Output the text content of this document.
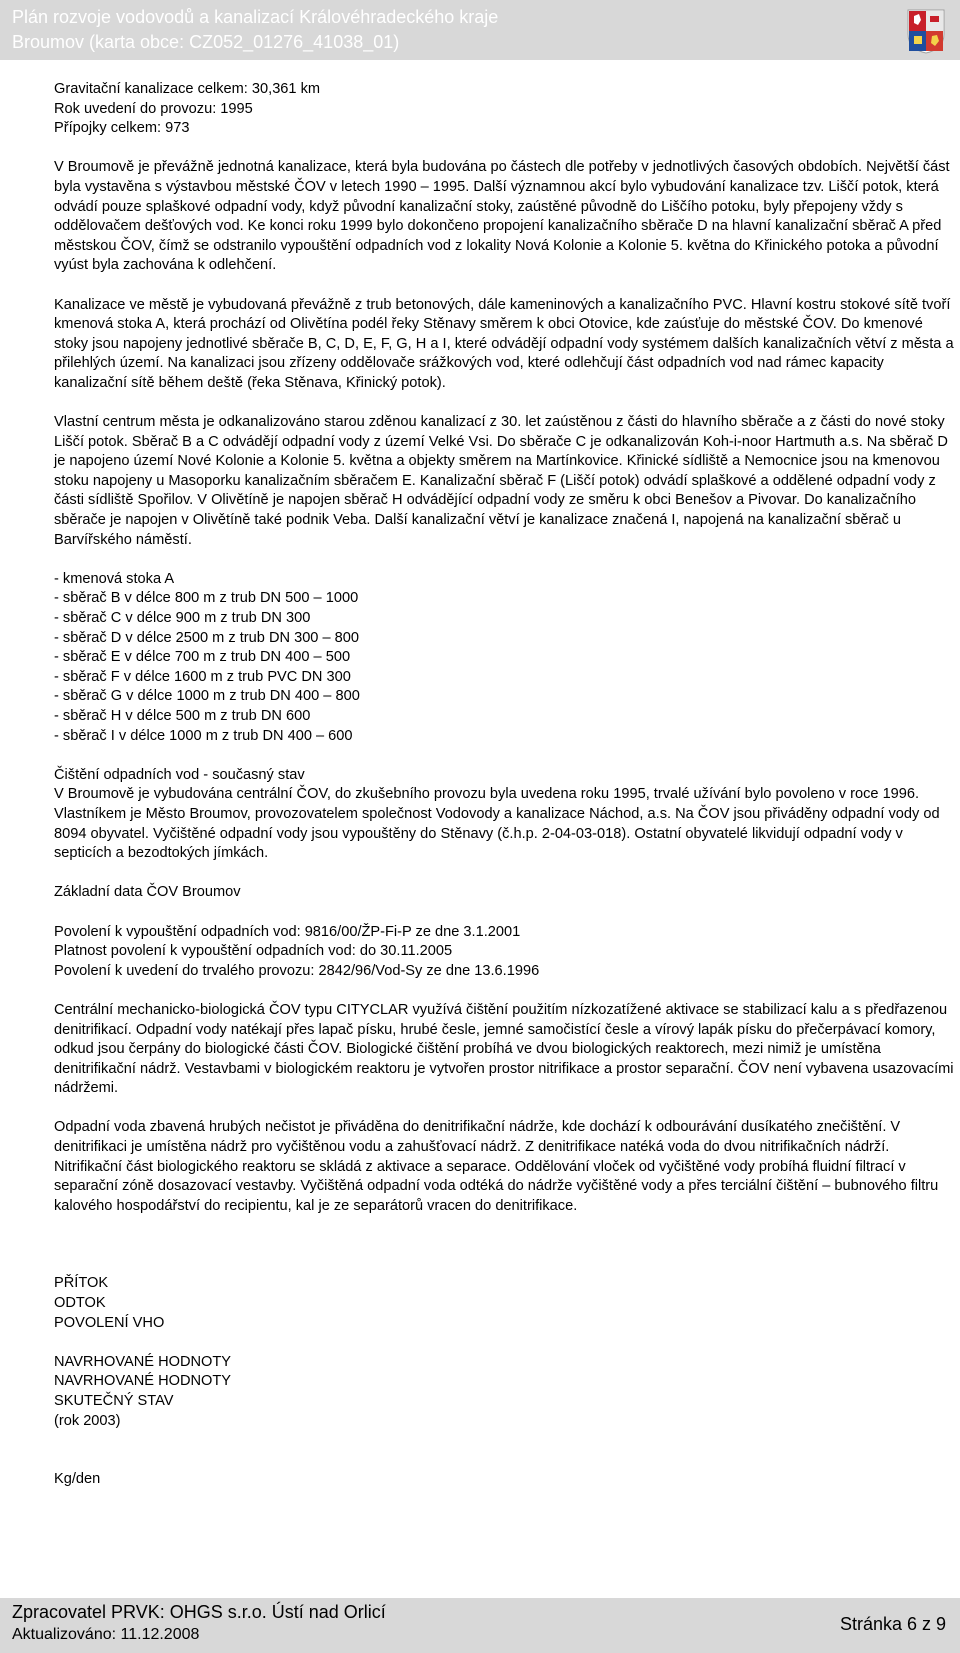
Plán rozvoje vodovodů a kanalizací Královéhradeckého kraje
Broumov (karta obce: CZ052_01276_41038_01)

Gravitační kanalizace celkem: 30,361 km

Rok uvedení do provozu: 1995

Přípojky celkem: 973

V Broumově je převážně jednotná kanalizace, která byla budována po částech dle potřeby v jednotlivých časových obdobích. Největší část byla vystavěna s výstavbou městské ČOV v letech 1990 – 1995. Další významnou akcí bylo vybudování kanalizace tzv. Liščí potok, která odvádí pouze splaškové odpadní vody, když původní kanalizační stoky, zaústěné původně do Liščího potoku, byly přepojeny vždy s oddělovačem dešťových vod. Ke konci roku 1999 bylo dokončeno propojení kanalizačního sběrače D na hlavní kanalizační sběrač A před městskou ČOV, čímž se odstranilo vypouštění odpadních vod z lokality Nová Kolonie a Kolonie 5. května do Křinického potoka a původní vyúst byla zachována k odlehčení.

Kanalizace ve městě je vybudovaná převážně z trub betonových, dále kameninových a kanalizačního PVC. Hlavní kostru stokové sítě tvoří kmenová stoka A, která prochází od Olivětína podél řeky Stěnavy směrem k obci Otovice, kde zaúsťuje do městské ČOV. Do kmenové stoky jsou napojeny jednotlivé sběrače B, C, D, E, F, G, H a I, které odvádějí odpadní vody systémem dalších kanalizačních větví z města a přilehlých území. Na kanalizaci jsou zřízeny oddělovače srážkových vod, které odlehčují část odpadních vod nad rámec kapacity kanalizační sítě během deště (řeka Stěnava, Křinický potok).

Vlastní centrum města je odkanalizováno starou zděnou kanalizací z 30. let zaústěnou z části do hlavního sběrače a z části do nové stoky Liščí potok. Sběrač B a C odvádějí odpadní vody z území Velké Vsi. Do sběrače C je odkanalizován Koh-i-noor Hartmuth a.s. Na sběrač D je napojeno území Nové Kolonie a Kolonie 5. května a objekty směrem na Martínkovice. Křinické sídliště a Nemocnice jsou na kmenovou stoku napojeny u Masoporku kanalizačním sběračem E. Kanalizační sběrač F (Liščí potok) odvádí splaškové a oddělené odpadní vody z části sídliště Spořilov. V Olivětíně je napojen sběrač H odvádějící odpadní vody ze směru k obci Benešov a Pivovar. Do kanalizačního sběrače je napojen v Olivětíně také podnik Veba. Další kanalizační větví je kanalizace značená I, napojená na kanalizační sběrač u Barvířského náměstí.

- kmenová stoka A

- sběrač B v délce 800 m z trub DN 500 – 1000

- sběrač C v délce 900 m z trub DN 300

- sběrač D v délce 2500 m z trub DN 300 – 800

- sběrač E v délce 700 m z trub DN 400 – 500

- sběrač F v délce 1600 m z trub PVC DN 300

- sběrač G v délce 1000 m z trub DN 400 – 800

- sběrač H v délce 500 m z trub DN 600

- sběrač I v délce 1000 m z trub DN 400 – 600

Čištění odpadních vod - současný stav

V Broumově je vybudována centrální ČOV, do zkušebního provozu byla uvedena roku 1995, trvalé užívání bylo povoleno v roce 1996. Vlastníkem je Město Broumov, provozovatelem společnost Vodovody a kanalizace Náchod, a.s. Na ČOV jsou přiváděny odpadní vody od 8094 obyvatel. Vyčištěné odpadní vody jsou vypouštěny do Stěnavy (č.h.p. 2-04-03-018). Ostatní obyvatelé likvidují odpadní vody v septicích a bezodtokých jímkách.

Základní data ČOV Broumov

Povolení k vypouštění odpadních vod: 9816/00/ŽP-Fi-P ze dne 3.1.2001

Platnost povolení k vypouštění odpadních vod: do 30.11.2005

Povolení k uvedení do trvalého provozu: 2842/96/Vod-Sy ze dne 13.6.1996

Centrální mechanicko-biologická ČOV typu CITYCLAR využívá čištění použitím nízkozatížené aktivace se stabilizací kalu a s předřazenou denitrifikací. Odpadní vody natékají přes lapač písku, hrubé česle, jemné samočistící česle a vírový lapák písku do přečerpávací komory, odkud jsou čerpány do biologické části ČOV. Biologické čištění probíhá ve dvou biologických reaktorech, mezi nimiž je umístěna denitrifikační nádrž. Vestavbami v biologickém reaktoru je vytvořen prostor nitrifikace a prostor separační. ČOV není vybavena usazovacími nádržemi.

Odpadní voda zbavená hrubých nečistot je přiváděna do denitrifikační nádrže, kde dochází k odbourávání dusíkatého znečištění. V denitrifikaci je umístěna nádrž pro vyčištěnou vodu a zahušťovací nádrž. Z denitrifikace natéká voda do dvou nitrifikačních nádrží. Nitrifikační část biologického reaktoru se skládá z aktivace a separace. Oddělování vloček od vyčištěné vody probíhá fluidní filtrací v separační zóně dosazovací vestavby. Vyčištěná odpadní voda odtéká do nádrže vyčištěné vody a přes terciální čištění – bubnového filtru kalového hospodářství do recipientu, kal je ze separátorů vracen do denitrifikace.

PŘÍTOK

ODTOK

POVOLENÍ VHO

NAVRHOVANÉ HODNOTY

NAVRHOVANÉ HODNOTY

SKUTEČNÝ STAV

(rok 2003)

Kg/den

Zpracovatel PRVK: OHGS s.r.o. Ústí nad Orlicí
Aktualizováno: 11.12.2008
Stránka 6 z 9
